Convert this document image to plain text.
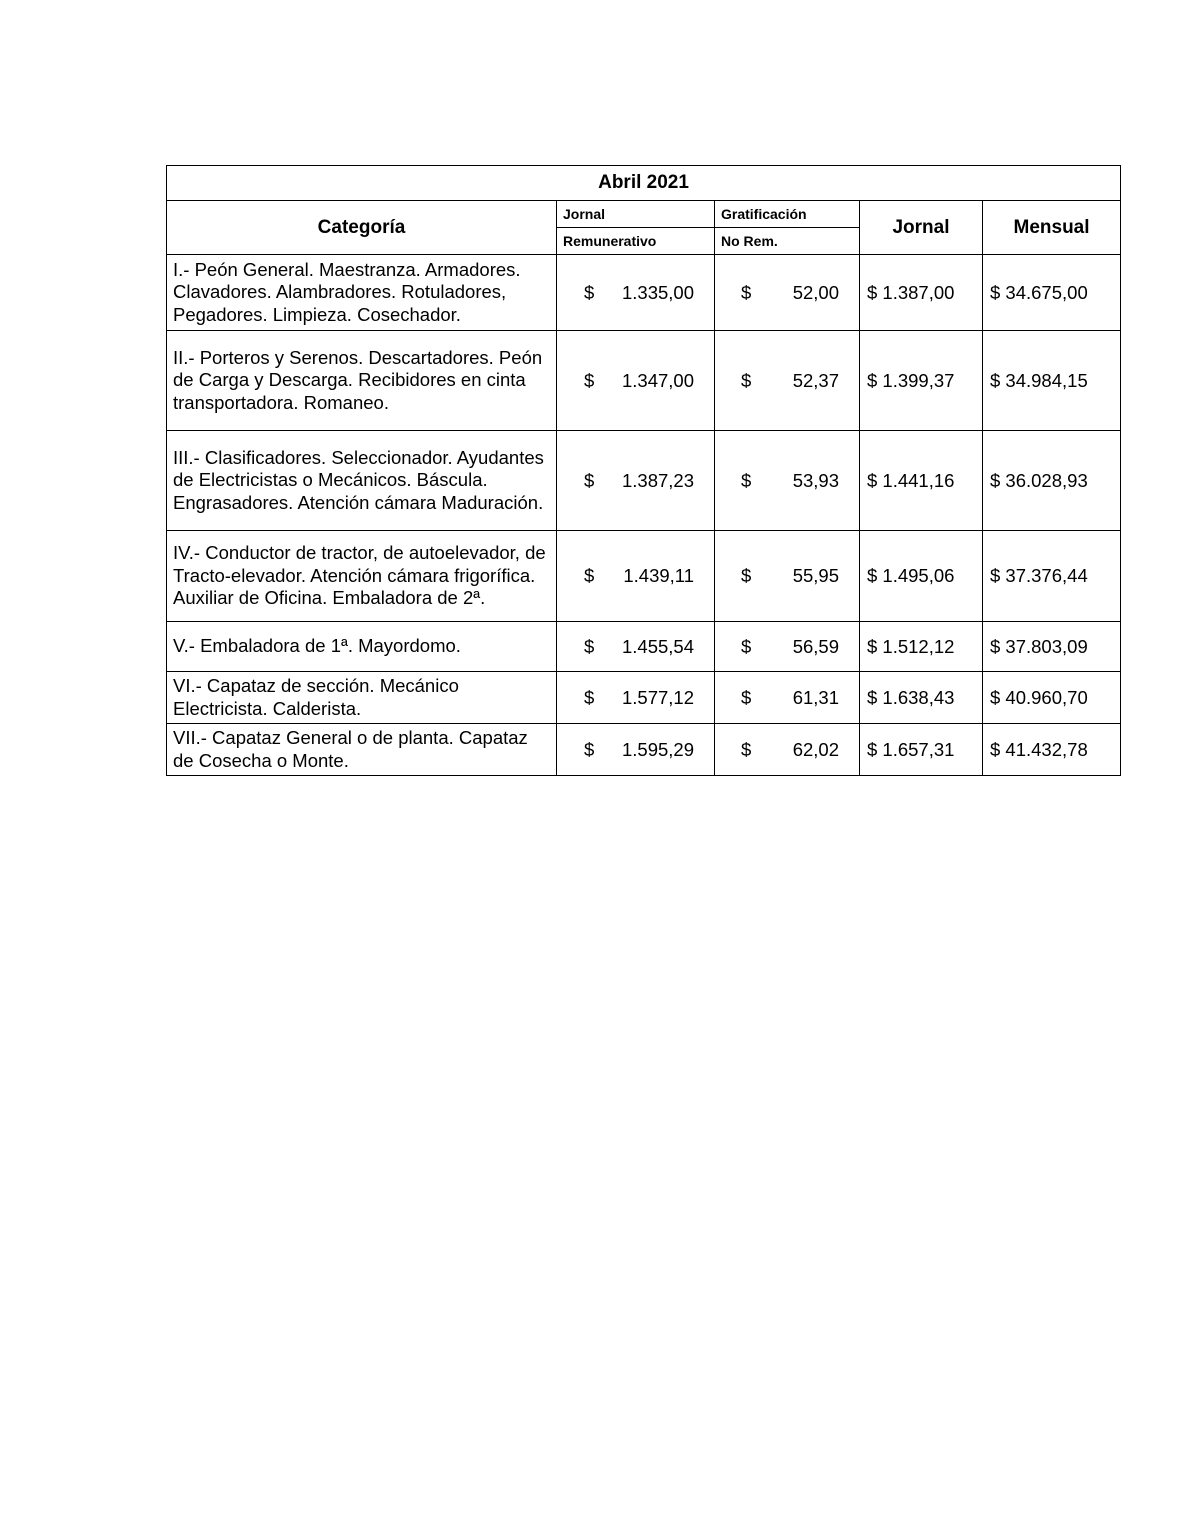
Abril 2021				
Categoría	Jornal	Gratificación	Jornal	Mensual
	Remunerativo	No Rem.		
I.- Peón General. Maestranza. Armadores. Clavadores. Alambradores. Rotuladores, Pegadores. Limpieza. Cosechador.	$ 1.335,00	$ 52,00	$ 1.387,00	$ 34.675,00

II.- Porteros y Serenos. Descartadores. Peón de Carga y Descarga. Recibidores en cinta transportadora. Romaneo.	$ 1.347,00	$ 52,37	$ 1.399,37	$ 34.984,15

III.- Clasificadores. Seleccionador. Ayudantes de Electricistas o Mecánicos. Báscula. Engrasadores. Atención cámara Maduración.	$ 1.387,23	$ 53,93	$ 1.441,16	$ 36.028,93

IV.- Conductor de tractor, de autoelevador, de Tracto-elevador. Atención cámara frigorífica. Auxiliar de Oficina. Embaladora de 2ª.	$ 1.439,11	$ 55,95	$ 1.495,06	$ 37.376,44

V.- Embaladora de 1ª. Mayordomo.	$ 1.455,54	$ 56,59	$ 1.512,12	$ 37.803,09

VI.- Capataz de sección. Mecánico Electricista. Calderista.	$ 1.577,12	$ 61,31	$ 1.638,43	$ 40.960,70

VII.- Capataz General o de planta. Capataz de Cosecha o Monte.	$ 1.595,29	$ 62,02	$ 1.657,31	$ 41.432,78
